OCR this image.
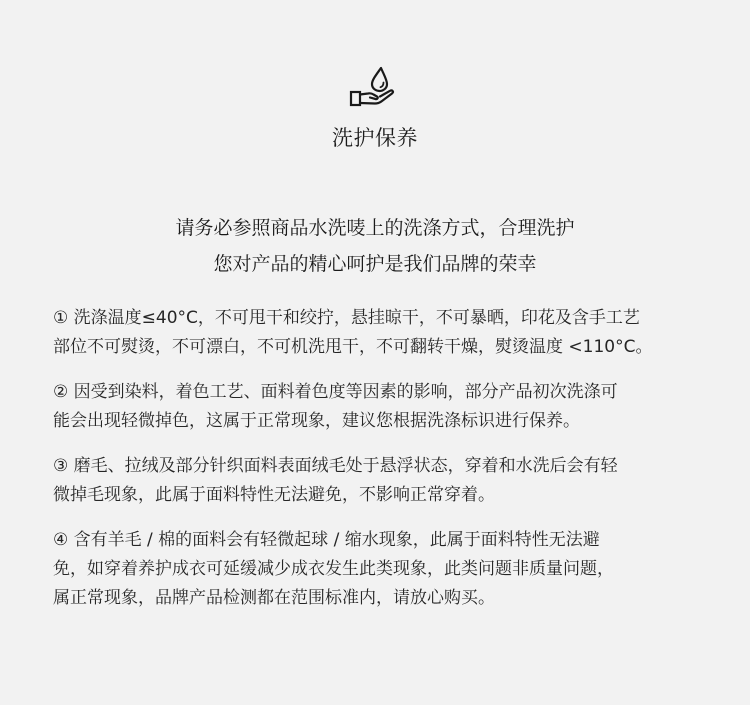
洗护保养
请务必参照商品水洗唛上的洗涤方式，合理洗护
您对产品的精心呵护是我们品牌的荣幸
① 洗涤温度≤40°C，不可甩干和绞拧，悬挂晾干，不可暴晒，印花及含手工艺
部位不可熨烫，不可漂白，不可机洗甩干，不可翻转干燥，熨烫温度 <110°C。
② 因受到染料，着色工艺、面料着色度等因素的影响，部分产品初次洗涤可
能会出现轻微掉色，这属于正常现象，建议您根据洗涤标识进行保养。
③ 磨毛、拉绒及部分针织面料表面绒毛处于悬浮状态，穿着和水洗后会有轻
微掉毛现象，此属于面料特性无法避免，不影响正常穿着。
④ 含有羊毛 / 棉的面料会有轻微起球 / 缩水现象，此属于面料特性无法避
免，如穿着养护成衣可延缓减少成衣发生此类现象，此类问题非质量问题，
属正常现象，品牌产品检测都在范围标准内，请放心购买。
